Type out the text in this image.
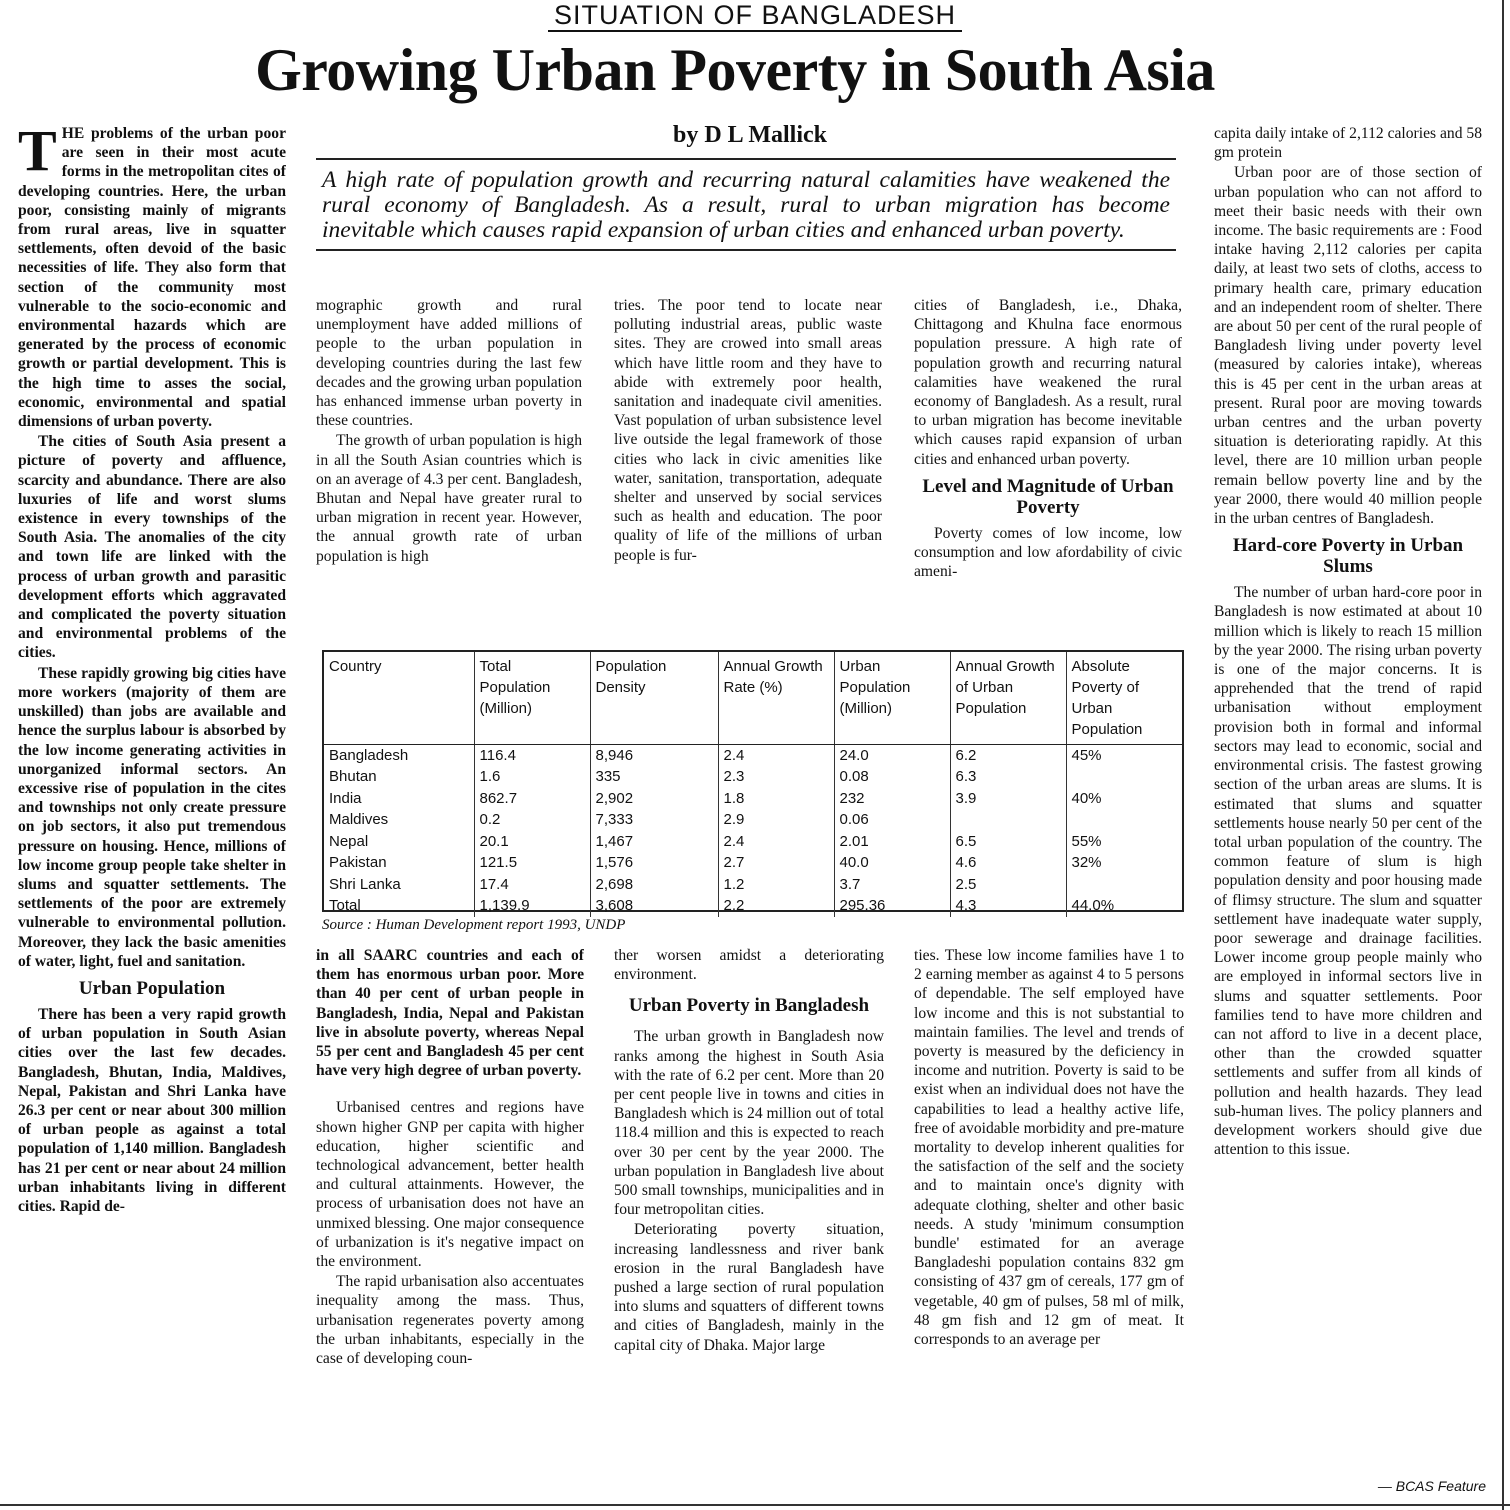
SITUATION OF BANGLADESH
Growing Urban Poverty in South Asia
by D L Mallick
A high rate of population growth and recurring natural calamities have weakened the rural economy of Bangladesh. As a result, rural to urban migration has become inevitable which causes rapid expansion of urban cities and enhanced urban poverty.

THE problems of the urban poor are seen in their most acute forms in the metropolitan cites of developing countries. Here, the urban poor, consisting mainly of migrants from rural areas, live in squatter settlements, often devoid of the basic necessities of life. They also form that section of the community most vulnerable to the socio-economic and environmental hazards which are generated by the process of economic growth or partial development. This is the high time to asses the social, economic, environmental and spatial dimensions of urban poverty.

The cities of South Asia present a picture of poverty and affluence, scarcity and abundance. There are also luxuries of life and worst slums existence in every townships of the South Asia. The anomalies of the city and town life are linked with the process of urban growth and parasitic development efforts which aggravated and complicated the poverty situation and environmental problems of the cities.

These rapidly growing big cities have more workers (majority of them are unskilled) than jobs are available and hence the surplus labour is absorbed by the low income generating activities in unorganized informal sectors. An excessive rise of population in the cites and townships not only create pressure on job sectors, it also put tremendous pressure on housing. Hence, millions of low income group people take shelter in slums and squatter settlements. The settlements of the poor are extremely vulnerable to environmental pollution. Moreover, they lack the basic amenities of water, light, fuel and sanitation.

Urban Population

There has been a very rapid growth of urban population in South Asian cities over the last few decades. Bangladesh, Bhutan, India, Maldives, Nepal, Pakistan and Shri Lanka have 26.3 per cent or near about 300 million of urban people as against a total population of 1,140 million. Bangladesh has 21 per cent or near about 24 million urban inhabitants living in different cities. Rapid de-

mographic growth and rural unemployment have added millions of people to the urban population in developing countries during the last few decades and the growing urban population has enhanced immense urban poverty in these countries.

The growth of urban population is high in all the South Asian countries which is on an average of 4.3 per cent. Bangladesh, Bhutan and Nepal have greater rural to urban migration in recent year. However, the annual growth rate of urban population is high

tries. The poor tend to locate near polluting industrial areas, public waste sites. They are crowed into small areas which have little room and they have to abide with extremely poor health, sanitation and inadequate civil amenities. Vast population of urban subsistence level live outside the legal framework of those cities who lack in civic amenities like water, sanitation, transportation, adequate shelter and unserved by social services such as health and education. The poor quality of life of the millions of urban people is fur-

cities of Bangladesh, i.e., Dhaka, Chittagong and Khulna face enormous population pressure. A high rate of population growth and recurring natural calamities have weakened the rural economy of Bangladesh. As a result, rural to urban migration has become inevitable which causes rapid expansion of urban cities and enhanced urban poverty.

Level and Magnitude of Urban Poverty

Poverty comes of low income, low consumption and low afordability of civic ameni-

capita daily intake of 2,112 calories and 58 gm protein

Urban poor are of those section of urban population who can not afford to meet their basic needs with their own income. The basic requirements are : Food intake having 2,112 calories per capita daily, at least two sets of cloths, access to primary health care, primary education and an independent room of shelter. There are about 50 per cent of the rural people of Bangladesh living under poverty level (measured by calories intake), whereas this is 45 per cent in the urban areas at present. Rural poor are moving towards urban centres and the urban poverty situation is deteriorating rapidly. At this level, there are 10 million urban people remain bellow poverty line and by the year 2000, there would 40 million people in the urban centres of Bangladesh.

Hard-core Poverty in Urban Slums

The number of urban hard-core poor in Bangladesh is now estimated at about 10 million which is likely to reach 15 million by the year 2000. The rising urban poverty is one of the major concerns. It is apprehended that the trend of rapid urbanisation without employment provision both in formal and informal sectors may lead to economic, social and environmental crisis. The fastest growing section of the urban areas are slums. It is estimated that slums and squatter settlements house nearly 50 per cent of the total urban population of the country. The common feature of slum is high population density and poor housing made of flimsy structure. The slum and squatter settlement have inadequate water supply, poor sewerage and drainage facilities. Lower income group people mainly who are employed in informal sectors live in slums and squatter settlements. Poor families tend to have more children and can not afford to live in a decent place, other than the crowded squatter settlements and suffer from all kinds of pollution and health hazards. They lead sub-human lives. The policy planners and development workers should give due attention to this issue.

— BCAS Feature
Country	Total Population (Million)	Population Density	Annual Growth Rate (%)	Urban Population (Million)	Annual Growth of Urban Population	Absolute Poverty of Urban Population
Bangladesh	116.4	8,946	2.4	24.0	6.2	45%
Bhutan	1.6	335	2.3	0.08	6.3	
India	862.7	2,902	1.8	232	3.9	40%
Maldives	0.2	7,333	2.9	0.06		
Nepal	20.1	1,467	2.4	2.01	6.5	55%
Pakistan	121.5	1,576	2.7	40.0	4.6	32%
Shri Lanka	17.4	2,698	1.2	3.7	2.5	
Total	1,139.9	3,608	2.2	295.36	4.3	44.0%
Source : Human Development report 1993, UNDP

in all SAARC countries and each of them has enormous urban poor. More than 40 per cent of urban people in Bangladesh, India, Nepal and Pakistan live in absolute poverty, whereas Nepal 55 per cent and Bangladesh 45 per cent have very high degree of urban poverty.

Urbanised centres and regions have shown higher GNP per capita with higher education, higher scientific and technological advancement, better health and cultural attainments. However, the process of urbanisation does not have an unmixed blessing. One major consequence of urbanization is it's negative impact on the environment.

The rapid urbanisation also accentuates inequality among the mass. Thus, urbanisation regenerates poverty among the urban inhabitants, especially in the case of developing coun-

ther worsen amidst a deteriorating environment.

Urban Poverty in Bangladesh

The urban growth in Bangladesh now ranks among the highest in South Asia with the rate of 6.2 per cent. More than 20 per cent people live in towns and cities in Bangladesh which is 24 million out of total 118.4 million and this is expected to reach over 30 per cent by the year 2000. The urban population in Bangladesh live about 500 small townships, municipalities and in four metropolitan cities.

Deteriorating poverty situation, increasing landlessness and river bank erosion in the rural Bangladesh have pushed a large section of rural population into slums and squatters of different towns and cities of Bangladesh, mainly in the capital city of Dhaka. Major large

ties. These low income families have 1 to 2 earning member as against 4 to 5 persons of dependable. The self employed have low income and this is not substantial to maintain families. The level and trends of poverty is measured by the deficiency in income and nutrition. Poverty is said to be exist when an individual does not have the capabilities to lead a healthy active life, free of avoidable morbidity and pre-mature mortality to develop inherent qualities for the satisfaction of the self and the society and to maintain once's dignity with adequate clothing, shelter and other basic needs. A study 'minimum consumption bundle' estimated for an average Bangladeshi population contains 832 gm consisting of 437 gm of cereals, 177 gm of vegetable, 40 gm of pulses, 58 ml of milk, 48 gm fish and 12 gm of meat. It corresponds to an average per
